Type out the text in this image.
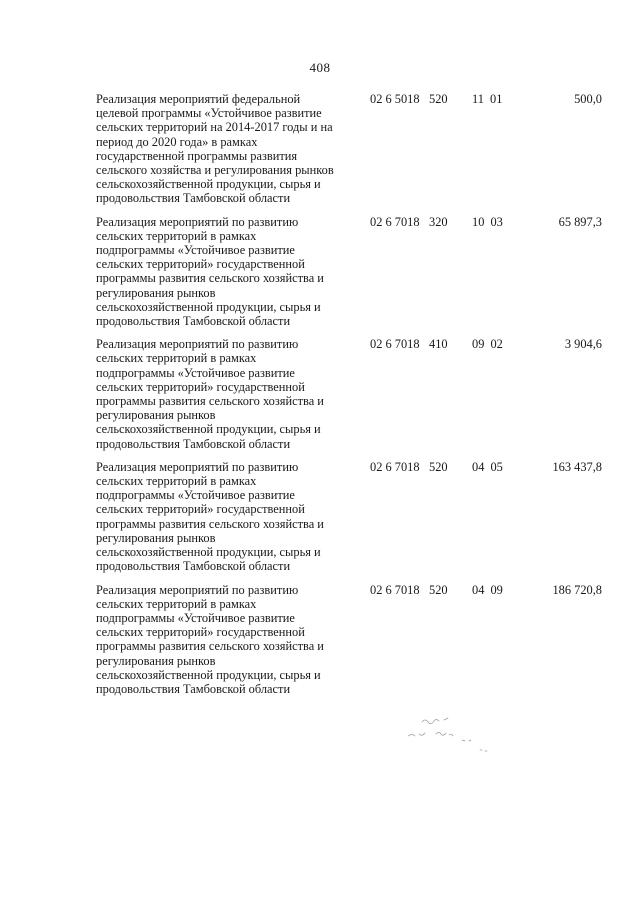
408
Реализация мероприятий федеральной
целевой программы «Устойчивое развитие
сельских территорий на 2014-2017 годы и на
период до 2020 года» в рамках
государственной программы развития
сельского хозяйства и регулирования рынков
сельскохозяйственной продукции, сырья и
продовольствия Тамбовской области
02 6 5018 520 11 01	500,0
Реализация мероприятий по развитию
сельских территорий в рамках
подпрограммы «Устойчивое развитие
сельских территорий» государственной
программы развития сельского хозяйства и
регулирования рынков
сельскохозяйственной продукции, сырья и
продовольствия Тамбовской области
02 6 7018 320 10 03	65 897,3
Реализация мероприятий по развитию
сельских территорий в рамках
подпрограммы «Устойчивое развитие
сельских территорий» государственной
программы развития сельского хозяйства и
регулирования рынков
сельскохозяйственной продукции, сырья и
продовольствия Тамбовской области
02 6 7018 410 09 02	3 904,6
Реализация мероприятий по развитию
сельских территорий в рамках
подпрограммы «Устойчивое развитие
сельских территорий» государственной
программы развития сельского хозяйства и
регулирования рынков
сельскохозяйственной продукции, сырья и
продовольствия Тамбовской области
02 6 7018 520 04 05	163 437,8
Реализация мероприятий по развитию
сельских территорий в рамках
подпрограммы «Устойчивое развитие
сельских территорий» государственной
программы развития сельского хозяйства и
регулирования рынков
сельскохозяйственной продукции, сырья и
продовольствия Тамбовской области
02 6 7018 520 04 09	186 720,8
